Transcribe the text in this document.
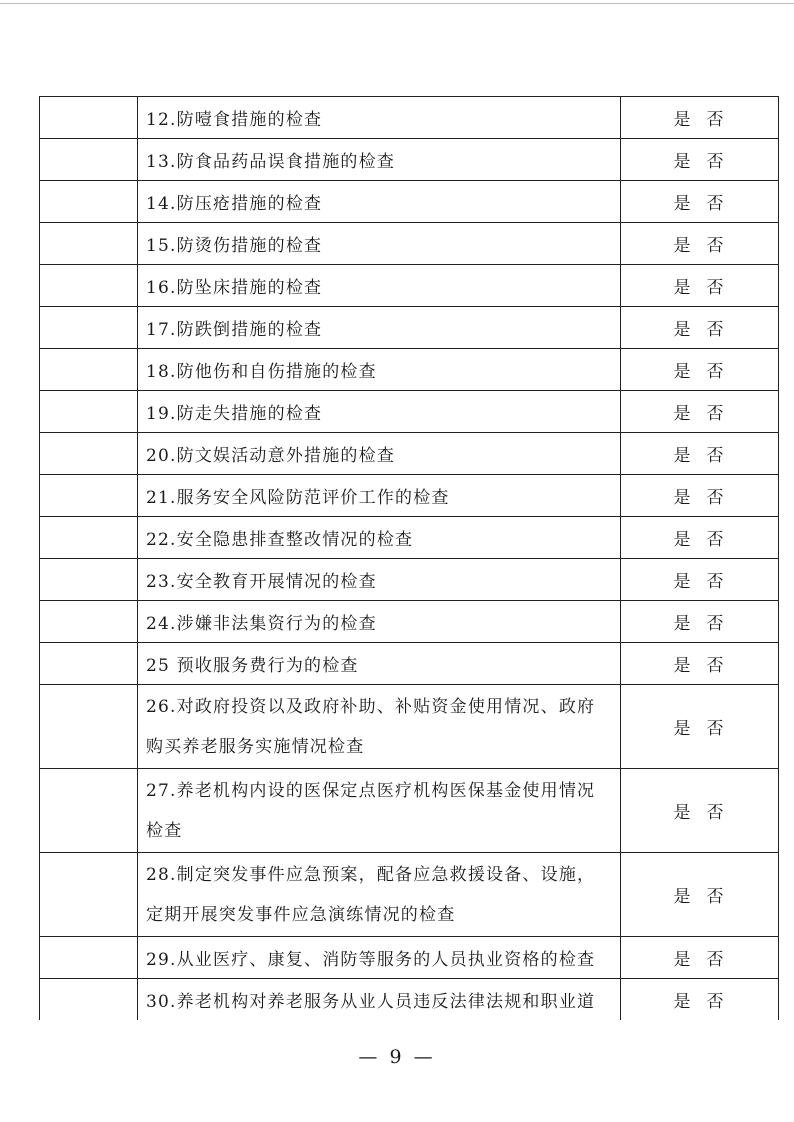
12.防噎食措施的检查	是 否
13.防食品药品误食措施的检查	是 否
14.防压疮措施的检查	是 否
15.防烫伤措施的检查	是 否
16.防坠床措施的检查	是 否
17.防跌倒措施的检查	是 否
18.防他伤和自伤措施的检查	是 否
19.防走失措施的检查	是 否
20.防文娱活动意外措施的检查	是 否
21.服务安全风险防范评价工作的检查	是 否
22.安全隐患排查整改情况的检查	是 否
23.安全教育开展情况的检查	是 否
24.涉嫌非法集资行为的检查	是 否
25 预收服务费行为的检查	是 否
26.对政府投资以及政府补助、补贴资金使用情况、政府购买养老服务实施情况检查
是 否
27.养老机构内设的医保定点医疗机构医保基金使用情况检查
是 否
28.制定突发事件应急预案，配备应急救援设备、设施，定期开展突发事件应急演练情况的检查
是 否
29.从业医疗、康复、消防等服务的人员执业资格的检查	是 否
30.养老机构对养老服务从业人员违反法律法规和职业道	是 否
— 9 —
